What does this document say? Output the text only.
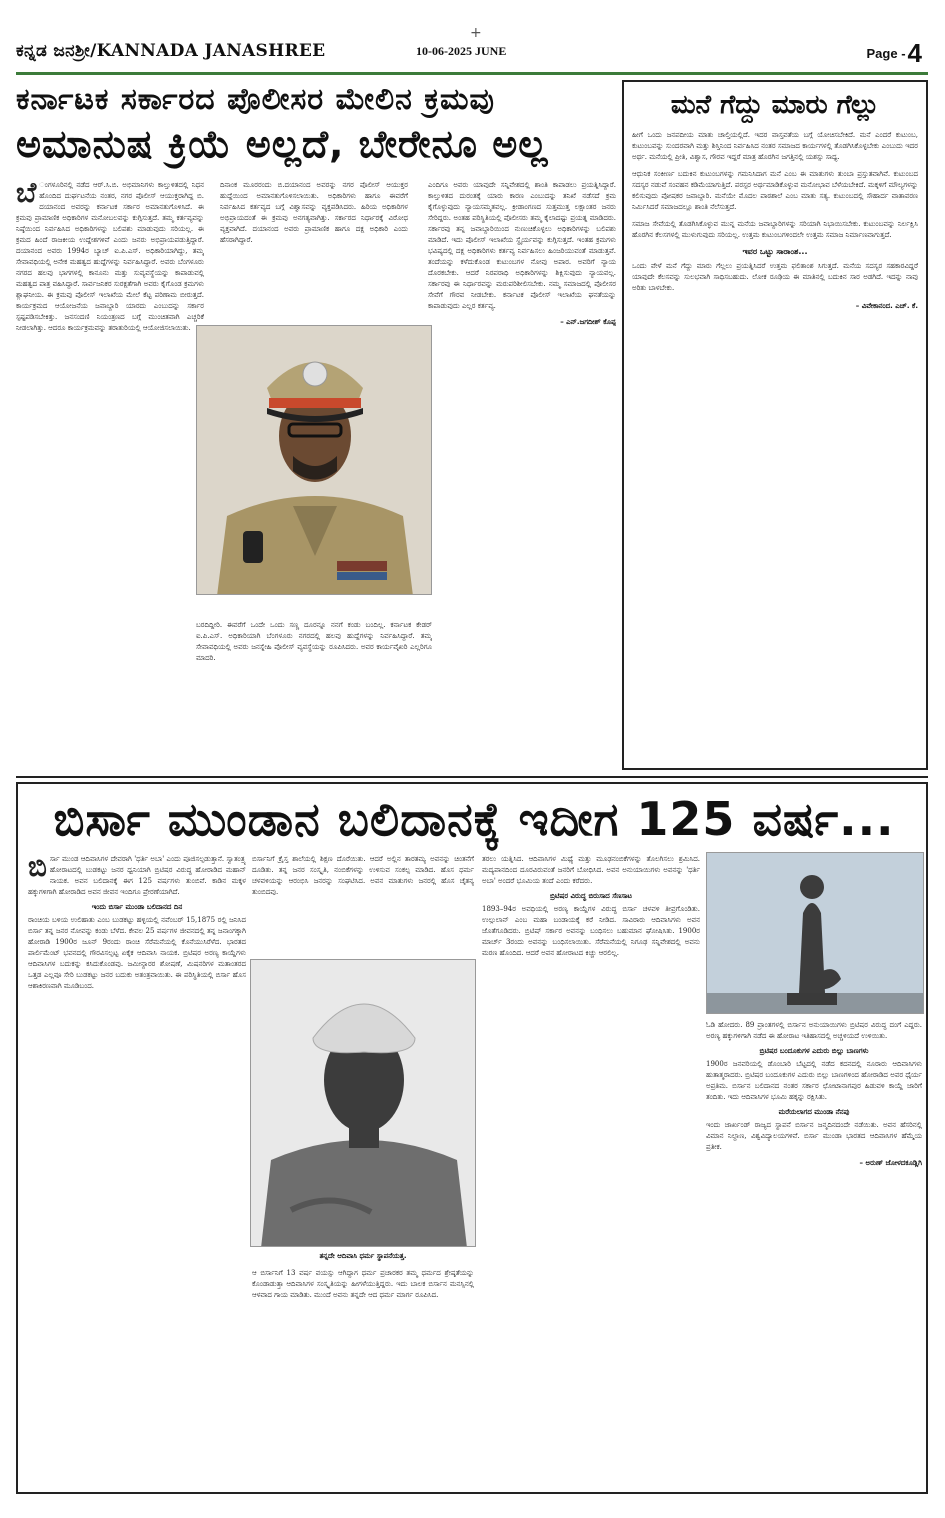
+
ಕನ್ನಡ ಜನಶ್ರೀ/KANNADA JANASHREE	10-06-2025 JUNE	Page -4
ಕರ್ನಾಟಕ ಸರ್ಕಾರದ ಪೊಲೀಸರ ಮೇಲಿನ ಕ್ರಮವು
ಅಮಾನುಷ ಕ್ರಿಯೆ ಅಲ್ಲದೆ, ಬೇರೇನೂ ಅಲ್ಲ
ಬೆ ಂಗಳೂರಿನಲ್ಲಿ ನಡೆದ ಆರ್.ಸಿ.ಬಿ. ಅಭಿಮಾನಿಗಳು ಕಾಲ್ತುಳಿತದಲ್ಲಿ ನಿಧನ ಹೊಂದಿದ ದುರ್ಘಟನೆಯ ನಂತರ, ನಗರ ಪೊಲೀಸ್ ಆಯುಕ್ತರಾಗಿದ್ದ ಬಿ. ದಯಾನಂದ ಅವರನ್ನು ಕರ್ನಾಟಕ ಸರ್ಕಾರ ಅಮಾನತುಗೊಳಿಸಿದೆ. ಈ ಕ್ರಮವು ಪ್ರಾಮಾಣಿಕ ಅಧಿಕಾರಿಗಳ ಮನೋಬಲವನ್ನು ಕುಗ್ಗಿಸುತ್ತದೆ. ತಮ್ಮ ಕರ್ತವ್ಯವನ್ನು ನಿಷ್ಠೆಯಿಂದ ನಿರ್ವಹಿಸಿದ ಅಧಿಕಾರಿಗಳನ್ನು ಬಲಿಪಶು ಮಾಡುವುದು ಸರಿಯಲ್ಲ. ಈ ಕ್ರಮದ ಹಿಂದೆ ರಾಜಕೀಯ ಉದ್ದೇಶಗಳಿವೆ ಎಂದು ಜನರು ಅಭಿಪ್ರಾಯಪಡುತ್ತಿದ್ದಾರೆ. ದಯಾನಂದ ಅವರು 1994ರ ಬ್ಯಾಚ್ ಐ.ಪಿ.ಎಸ್. ಅಧಿಕಾರಿಯಾಗಿದ್ದು, ತಮ್ಮ ಸೇವಾವಧಿಯಲ್ಲಿ ಅನೇಕ ಮಹತ್ವದ ಹುದ್ದೆಗಳನ್ನು ನಿರ್ವಹಿಸಿದ್ದಾರೆ. ಅವರು ಬೆಂಗಳೂರು ನಗರದ ಹಲವು ಭಾಗಗಳಲ್ಲಿ ಕಾನೂನು ಮತ್ತು ಸುವ್ಯವಸ್ಥೆಯನ್ನು ಕಾಪಾಡುವಲ್ಲಿ ಮಹತ್ವದ ಪಾತ್ರ ವಹಿಸಿದ್ದಾರೆ. ಸಾರ್ವಜನಿಕರ ಸುರಕ್ಷತೆಗಾಗಿ ಅವರು ಕೈಗೊಂಡ ಕ್ರಮಗಳು ಶ್ಲಾಘನೀಯ. ಈ ಕ್ರಮವು ಪೊಲೀಸ್ ಇಲಾಖೆಯ ಮೇಲೆ ಕೆಟ್ಟ ಪರಿಣಾಮ ಬೀರುತ್ತದೆ. ಕಾರ್ಯಕ್ರಮದ ಆಯೋಜನೆಯ ಜವಾಬ್ದಾರಿ ಯಾರದು ಎಂಬುದನ್ನು ಸರ್ಕಾರ ಸ್ಪಷ್ಟಪಡಿಸಬೇಕಿತ್ತು. ಜನಸಂದಣಿ ನಿಯಂತ್ರಣದ ಬಗ್ಗೆ ಮುಂಚಿತವಾಗಿ ಎಚ್ಚರಿಕೆ ನೀಡಲಾಗಿತ್ತು. ಆದರೂ ಕಾರ್ಯಕ್ರಮವನ್ನು ತರಾತುರಿಯಲ್ಲಿ ಆಯೋಜಿಸಲಾಯಿತು.
ದಿನಾಂಕ ಮೂರರಂದು ಬಿ.ದಯಾನಂದ ಅವರನ್ನು ನಗರ ಪೊಲೀಸ್ ಆಯುಕ್ತರ ಹುದ್ದೆಯಿಂದ ಅಮಾನತುಗೊಳಿಸಲಾಯಿತು. ಅಧಿಕಾರಿಗಳು ಹಾಗೂ ಈವರೆಗೆ ನಿರ್ವಹಿಸಿದ ಕರ್ತವ್ಯದ ಬಗ್ಗೆ ವಿಶ್ವಾಸವನ್ನು ವ್ಯಕ್ತಪಡಿಸಿದರು. ಹಿರಿಯ ಅಧಿಕಾರಿಗಳ ಅಭಿಪ್ರಾಯದಂತೆ ಈ ಕ್ರಮವು ಅನಗತ್ಯವಾಗಿತ್ತು. ಸರ್ಕಾರದ ನಿರ್ಧಾರಕ್ಕೆ ವಿರೋಧ ವ್ಯಕ್ತವಾಗಿದೆ. ದಯಾನಂದ ಅವರು ಪ್ರಾಮಾಣಿಕ ಹಾಗೂ ದಕ್ಷ ಅಧಿಕಾರಿ ಎಂದು ಹೆಸರಾಗಿದ್ದಾರೆ.
ಬರದಿದ್ದೀರಿ. ಈವರೆಗೆ ಒಂದೇ ಒಂದು ಸಣ್ಣ ದೂರನ್ನೂ ನನಗೆ ಕಂಡು ಬಂದಿಲ್ಲ. ಕರ್ನಾಟಕ ಕೇಡರ್ ಐ.ಪಿ.ಎಸ್. ಅಧಿಕಾರಿಯಾಗಿ ಬೆಂಗಳೂರು ನಗರದಲ್ಲಿ ಹಲವು ಹುದ್ದೆಗಳನ್ನು ನಿರ್ವಹಿಸಿದ್ದಾರೆ. ತಮ್ಮ ಸೇವಾವಧಿಯಲ್ಲಿ ಅವರು ಜನಸ್ನೇಹಿ ಪೊಲೀಸ್ ವ್ಯವಸ್ಥೆಯನ್ನು ರೂಪಿಸಿದರು. ಅವರ ಕಾರ್ಯವೈಖರಿ ಎಲ್ಲರಿಗೂ ಮಾದರಿ.
ಎಂದಿಗೂ ಅವರು ಯಾವುದೇ ಸನ್ನಿವೇಶದಲ್ಲಿ ಶಾಂತಿ ಕಾಪಾಡಲು ಪ್ರಯತ್ನಿಸಿದ್ದಾರೆ. ಕಾಲ್ತುಳಿತದ ದುರಂತಕ್ಕೆ ಯಾರು ಕಾರಣ ಎಂಬುದನ್ನು ತನಿಖೆ ನಡೆಸದೆ ಕ್ರಮ ಕೈಗೊಳ್ಳುವುದು ನ್ಯಾಯಸಮ್ಮತವಲ್ಲ. ಕ್ರೀಡಾಂಗಣದ ಸುತ್ತಮುತ್ತ ಲಕ್ಷಾಂತರ ಜನರು ಸೇರಿದ್ದರು. ಅಂತಹ ಪರಿಸ್ಥಿತಿಯಲ್ಲಿ ಪೊಲೀಸರು ತಮ್ಮ ಕೈಲಾದಷ್ಟು ಪ್ರಯತ್ನ ಮಾಡಿದರು. ಸರ್ಕಾರವು ತನ್ನ ಜವಾಬ್ದಾರಿಯಿಂದ ನುಣುಚಿಕೊಳ್ಳಲು ಅಧಿಕಾರಿಗಳನ್ನು ಬಲಿಪಶು ಮಾಡಿದೆ. ಇದು ಪೊಲೀಸ್ ಇಲಾಖೆಯ ಸ್ಥೈರ್ಯವನ್ನು ಕುಗ್ಗಿಸುತ್ತದೆ. ಇಂತಹ ಕ್ರಮಗಳು ಭವಿಷ್ಯದಲ್ಲಿ ದಕ್ಷ ಅಧಿಕಾರಿಗಳು ಕರ್ತವ್ಯ ನಿರ್ವಹಿಸಲು ಹಿಂಜರಿಯುವಂತೆ ಮಾಡುತ್ತವೆ. ತಂದೆಯನ್ನು ಕಳೆದುಕೊಂಡ ಕುಟುಂಬಗಳ ನೋವು ಅಪಾರ. ಅವರಿಗೆ ನ್ಯಾಯ ದೊರಕಬೇಕು. ಆದರೆ ನಿರಪರಾಧಿ ಅಧಿಕಾರಿಗಳನ್ನು ಶಿಕ್ಷಿಸುವುದು ನ್ಯಾಯವಲ್ಲ. ಸರ್ಕಾರವು ಈ ನಿರ್ಧಾರವನ್ನು ಮರುಪರಿಶೀಲಿಸಬೇಕು. ನಮ್ಮ ಸಮಾಜದಲ್ಲಿ ಪೊಲೀಸರ ಸೇವೆಗೆ ಗೌರವ ನೀಡಬೇಕು. ಕರ್ನಾಟಕ ಪೊಲೀಸ್ ಇಲಾಖೆಯ ಘನತೆಯನ್ನು ಕಾಪಾಡುವುದು ಎಲ್ಲರ ಕರ್ತವ್ಯ.
– ಎನ್.ಜಗದೀಶ್ ಕೊಪ್ಪ
ಮನೆ ಗೆದ್ದು ಮಾರು ಗೆಲ್ಲು
ಹೀಗೆ ಒಂದು ಜನಪದೀಯ ಮಾತು ಚಾಲ್ತಿಯಲ್ಲಿದೆ. ಇದರ ವಾಸ್ತವತೆಯ ಬಗ್ಗೆ ಯೋಚಿಸಬೇಕಿದೆ. ಮನೆ ಎಂದರೆ ಕುಟುಂಬ, ಕುಟುಂಬವನ್ನು ಸುಂದರವಾಗಿ ಮತ್ತು ಶಿಸ್ತಿನಿಂದ ನಿರ್ವಹಿಸಿದ ನಂತರ ಸಮಾಜದ ಕಾರ್ಯಗಳಲ್ಲಿ ತೊಡಗಿಸಿಕೊಳ್ಳಬೇಕು ಎಂಬುದು ಇದರ ಅರ್ಥ. ಮನೆಯಲ್ಲಿ ಪ್ರೀತಿ, ವಿಶ್ವಾಸ, ಗೌರವ ಇದ್ದರೆ ಮಾತ್ರ ಹೊರಗಿನ ಜಗತ್ತಿನಲ್ಲಿ ಯಶಸ್ಸು ಸಾಧ್ಯ.
ಆಧುನಿಕ ಸಂಕೀರ್ಣ ಬದುಕಿನ ಕುಟುಂಬಗಳನ್ನು ಗಮನಿಸಿದಾಗ ಮನೆ ಎಂಬ ಈ ಮಾತುಗಳು ತುಂಬಾ ಪ್ರಸ್ತುತವಾಗಿವೆ. ಕುಟುಂಬದ ಸದಸ್ಯರ ನಡುವೆ ಸಂವಹನ ಕಡಿಮೆಯಾಗುತ್ತಿದೆ. ಪರಸ್ಪರ ಅರ್ಥಮಾಡಿಕೊಳ್ಳುವ ಮನೋಭಾವ ಬೆಳೆಯಬೇಕಿದೆ. ಮಕ್ಕಳಿಗೆ ಮೌಲ್ಯಗಳನ್ನು ಕಲಿಸುವುದು ಪೋಷಕರ ಜವಾಬ್ದಾರಿ. ಮನೆಯೇ ಮೊದಲ ಪಾಠಶಾಲೆ ಎಂಬ ಮಾತು ಸತ್ಯ. ಕುಟುಂಬದಲ್ಲಿ ಸೌಹಾರ್ದ ವಾತಾವರಣ ನಿರ್ಮಿಸಿದರೆ ಸಮಾಜದಲ್ಲೂ ಶಾಂತಿ ನೆಲೆಸುತ್ತದೆ.
ಸಮಾಜ ಸೇವೆಯಲ್ಲಿ ತೊಡಗಿಸಿಕೊಳ್ಳುವ ಮುನ್ನ ಮನೆಯ ಜವಾಬ್ದಾರಿಗಳನ್ನು ಸರಿಯಾಗಿ ನಿಭಾಯಿಸಬೇಕು. ಕುಟುಂಬವನ್ನು ನಿರ್ಲಕ್ಷಿಸಿ ಹೊರಗಿನ ಕೆಲಸಗಳಲ್ಲಿ ಮುಳುಗುವುದು ಸರಿಯಲ್ಲ. ಉತ್ತಮ ಕುಟುಂಬಗಳಿಂದಲೇ ಉತ್ತಮ ಸಮಾಜ ನಿರ್ಮಾಣವಾಗುತ್ತದೆ.
ಇವರ ಒಟ್ಟು ಸಾರಾಂಶ...
ಒಂದು ವೇಳೆ ಮನೆ ಗೆದ್ದು ಮಾರು ಗೆಲ್ಲಲು ಪ್ರಯತ್ನಿಸಿದರೆ ಉತ್ತಮ ಫಲಿತಾಂಶ ಸಿಗುತ್ತದೆ. ಮನೆಯ ಸದಸ್ಯರ ಸಹಕಾರವಿದ್ದರೆ ಯಾವುದೇ ಕೆಲಸವನ್ನು ಸುಲಭವಾಗಿ ಸಾಧಿಸಬಹುದು. ಲೋಕ ರೂಢಿಯ ಈ ಮಾತಿನಲ್ಲಿ ಬದುಕಿನ ಸಾರ ಅಡಗಿದೆ. ಇದನ್ನು ನಾವು ಅರಿತು ಬಾಳಬೇಕು.
– ವಿವೇಕಾನಂದ. ಎಚ್. ಕೆ.
ಬಿರ್ಸಾ ಮುಂಡಾನ ಬಲಿದಾನಕ್ಕೆ ಇದೀಗ 125 ವರ್ಷ...
ಬಿರ್ಸಾ ಮುಂಡ ಆದಿವಾಸಿಗಳ ದೇವರಾಗಿ 'ಧರ್ತಿ ಅಬಾ' ಎಂದು ಪೂಜಿಸಲ್ಪಡುತ್ತಾನೆ. ಸ್ವಾತಂತ್ರ್ಯ ಹೋರಾಟದಲ್ಲಿ ಬುಡಕಟ್ಟು ಜನರ ಧ್ವನಿಯಾಗಿ ಬ್ರಿಟಿಷರ ವಿರುದ್ಧ ಹೋರಾಡಿದ ಮಹಾನ್ ನಾಯಕ. ಅವನ ಬಲಿದಾನಕ್ಕೆ ಈಗ 125 ವರ್ಷಗಳು ತುಂಬಿವೆ. ಕಾಡಿನ ಮಕ್ಕಳ ಹಕ್ಕುಗಳಿಗಾಗಿ ಹೋರಾಡಿದ ಅವನ ಜೀವನ ಇಂದಿಗೂ ಪ್ರೇರಣೆಯಾಗಿದೆ.
ಇಂದು ಬಿರ್ಸಾ ಮುಂಡಾ ಬಲಿದಾನದ ದಿನ
ರಾಂಚಿಯ ಬಳಿಯ ಉಲಿಹಾತು ಎಂಬ ಬುಡಕಟ್ಟು ಹಳ್ಳಿಯಲ್ಲಿ ನವೆಂಬರ್ 15,1875 ರಲ್ಲಿ ಜನಿಸಿದ ಬಿರ್ಸಾ ತನ್ನ ಜನರ ನೋವನ್ನು ಕಂಡು ಬೆಳೆದ. ಕೇವಲ 25 ವರ್ಷಗಳ ಜೀವನದಲ್ಲಿ ತನ್ನ ಜನಾಂಗಕ್ಕಾಗಿ ಹೋರಾಡಿ 1900ರ ಜೂನ್ 9ರಂದು ರಾಂಚಿ ಸೆರೆಮನೆಯಲ್ಲಿ ಕೊನೆಯುಸಿರೆಳೆದ. ಭಾರತದ ಪಾರ್ಲಿಮೆಂಟ್ ಭವನದಲ್ಲಿ ಗೌರವಿಸಲ್ಪಟ್ಟ ಏಕೈಕ ಆದಿವಾಸಿ ನಾಯಕ. ಬ್ರಿಟಿಷರ ಅರಣ್ಯ ಕಾಯ್ದೆಗಳು ಆದಿವಾಸಿಗಳ ಬದುಕನ್ನು ಕಸಿದುಕೊಂಡವು. ಜಮೀನ್ದಾರರ ಶೋಷಣೆ, ಮಿಷನರಿಗಳ ಮತಾಂತರದ ಒತ್ತಡ ಎಲ್ಲವೂ ಸೇರಿ ಬುಡಕಟ್ಟು ಜನರ ಬದುಕು ಅತಂತ್ರವಾಯಿತು. ಈ ಪರಿಸ್ಥಿತಿಯಲ್ಲಿ ಬಿರ್ಸಾ ಹೊಸ ಆಶಾಕಿರಣವಾಗಿ ಮೂಡಿಬಂದ.
ಬಿರ್ಸಾನಿಗೆ ಕ್ರೈಸ್ತ ಶಾಲೆಯಲ್ಲಿ ಶಿಕ್ಷಣ ದೊರೆಯಿತು. ಆದರೆ ಅಲ್ಲಿನ ತಾರತಮ್ಯ ಅವನನ್ನು ಚಿಂತನೆಗೆ ದೂಡಿತು. ತನ್ನ ಜನರ ಸಂಸ್ಕೃತಿ, ನಂಬಿಕೆಗಳನ್ನು ಉಳಿಸುವ ಸಂಕಲ್ಪ ಮಾಡಿದ. ಹೊಸ ಧರ್ಮ ಚಳವಳಿಯನ್ನು ಆರಂಭಿಸಿ ಜನರನ್ನು ಸಂಘಟಿಸಿದ. ಅವನ ಮಾತುಗಳು ಜನರಲ್ಲಿ ಹೊಸ ಚೈತನ್ಯ ತುಂಬಿದವು.
ತನ್ನದೇ ಆದಿವಾಸಿ ಧರ್ಮ ಸ್ಥಾಪನೆಯತ್ತ.
ಆ ಬಿರ್ಸಾನಿಗೆ 13 ವರ್ಷ ವಯಸ್ಸು ಆಗಿದ್ದಾಗ ಧರ್ಮ ಪ್ರಚಾರಕರ ತಮ್ಮ ಧರ್ಮದ ಶ್ರೇಷ್ಠತೆಯನ್ನು ಕೊಂಡಾಡುತ್ತಾ ಆದಿವಾಸಿಗಳ ಸಂಸ್ಕೃತಿಯನ್ನು ಹೀಗಳೆಯುತ್ತಿದ್ದರು. ಇದು ಬಾಲಕ ಬಿರ್ಸಾನ ಮನಸ್ಸಿನಲ್ಲಿ ಆಳವಾದ ಗಾಯ ಮಾಡಿತು. ಮುಂದೆ ಅವನು ತನ್ನದೇ ಆದ ಧರ್ಮ ಮಾರ್ಗ ರೂಪಿಸಿದ.
ತರಲು ಯತ್ನಿಸಿದ. ಆದಿವಾಸಿಗಳ ಮಿಥ್ಯೆ ಮತ್ತು ಮೂಢನಂಬಿಕೆಗಳನ್ನು ತೊಲಗಿಸಲು ಶ್ರಮಿಸಿದ. ಮದ್ಯಪಾನದಿಂದ ದೂರವಿರುವಂತೆ ಜನರಿಗೆ ಬೋಧಿಸಿದ. ಅವನ ಅನುಯಾಯಿಗಳು ಅವನನ್ನು 'ಧರ್ತಿ ಅಬಾ' ಅಂದರೆ ಭೂಮಿಯ ತಂದೆ ಎಂದು ಕರೆದರು.
ಬ್ರಿಟಿಷರ ವಿರುದ್ಧ ಬಿರುಸಾದ ಸೆಣಸಾಟ
1893–94ರ ಅವಧಿಯಲ್ಲಿ ಅರಣ್ಯ ಕಾಯ್ದೆಗಳ ವಿರುದ್ಧ ಬಿರ್ಸಾ ಚಳವಳಿ ತೀವ್ರಗೊಂಡಿತು. ಉಲ್ಗುಲಾನ್ ಎಂಬ ಮಹಾ ಬಂಡಾಯಕ್ಕೆ ಕರೆ ನೀಡಿದ. ಸಾವಿರಾರು ಆದಿವಾಸಿಗಳು ಅವನ ಜೊತೆಗೂಡಿದರು. ಬ್ರಿಟಿಷ್ ಸರ್ಕಾರ ಅವನನ್ನು ಬಂಧಿಸಲು ಬಹುಮಾನ ಘೋಷಿಸಿತು. 1900ರ ಮಾರ್ಚ್ 3ರಂದು ಅವನನ್ನು ಬಂಧಿಸಲಾಯಿತು. ಸೆರೆಮನೆಯಲ್ಲಿ ನಿಗೂಢ ಸನ್ನಿವೇಶದಲ್ಲಿ ಅವನು ಮರಣ ಹೊಂದಿದ. ಆದರೆ ಅವನ ಹೋರಾಟದ ಕಿಚ್ಚು ಆರಲಿಲ್ಲ.
ಓಡಿ ಹೋದರು. 89 ಪ್ರಾಂತಗಳಲ್ಲಿ ಬಿರ್ಸಾನ ಅನುಯಾಯಿಗಳು ಬ್ರಿಟಿಷರ ವಿರುದ್ಧ ದಂಗೆ ಎದ್ದರು. ಅರಣ್ಯ ಹಕ್ಕುಗಳಿಗಾಗಿ ನಡೆದ ಈ ಹೋರಾಟ ಇತಿಹಾಸದಲ್ಲಿ ಅಚ್ಚಳಿಯದೆ ಉಳಿಯಿತು.
ಬ್ರಿಟಿಷರ ಬಂದೂಕುಗಳ ಎದುರು ಬಿಲ್ಲು ಬಾಣಗಳು
1900ರ ಜನವರಿಯಲ್ಲಿ ಡೊಂಬಾರಿ ಬೆಟ್ಟದಲ್ಲಿ ನಡೆದ ಕದನದಲ್ಲಿ ನೂರಾರು ಆದಿವಾಸಿಗಳು ಹುತಾತ್ಮರಾದರು. ಬ್ರಿಟಿಷರ ಬಂದೂಕುಗಳ ಎದುರು ಬಿಲ್ಲು ಬಾಣಗಳಿಂದ ಹೋರಾಡಿದ ಅವರ ಧೈರ್ಯ ಅಪ್ರತಿಮ. ಬಿರ್ಸಾನ ಬಲಿದಾನದ ನಂತರ ಸರ್ಕಾರ ಛೋಟಾನಾಗಪುರ ಹಿಡುವಳಿ ಕಾಯ್ದೆ ಜಾರಿಗೆ ತಂದಿತು. ಇದು ಆದಿವಾಸಿಗಳ ಭೂಮಿ ಹಕ್ಕನ್ನು ರಕ್ಷಿಸಿತು.
ಮರೆಯಲಾಗದ ಮುಂಡಾ ನೆನಪು
ಇಂದು ಜಾರ್ಖಂಡ್ ರಾಜ್ಯದ ಸ್ಥಾಪನೆ ಬಿರ್ಸಾನ ಜನ್ಮದಿನದಂದೇ ನಡೆಯಿತು. ಅವನ ಹೆಸರಿನಲ್ಲಿ ವಿಮಾನ ನಿಲ್ದಾಣ, ವಿಶ್ವವಿದ್ಯಾಲಯಗಳಿವೆ. ಬಿರ್ಸಾ ಮುಂಡಾ ಭಾರತದ ಆದಿವಾಸಿಗಳ ಹೆಮ್ಮೆಯ ಪ್ರತೀಕ.
– ಅರುಣ್ ಜೋಳದಕೂಡ್ಲಿಗಿ
